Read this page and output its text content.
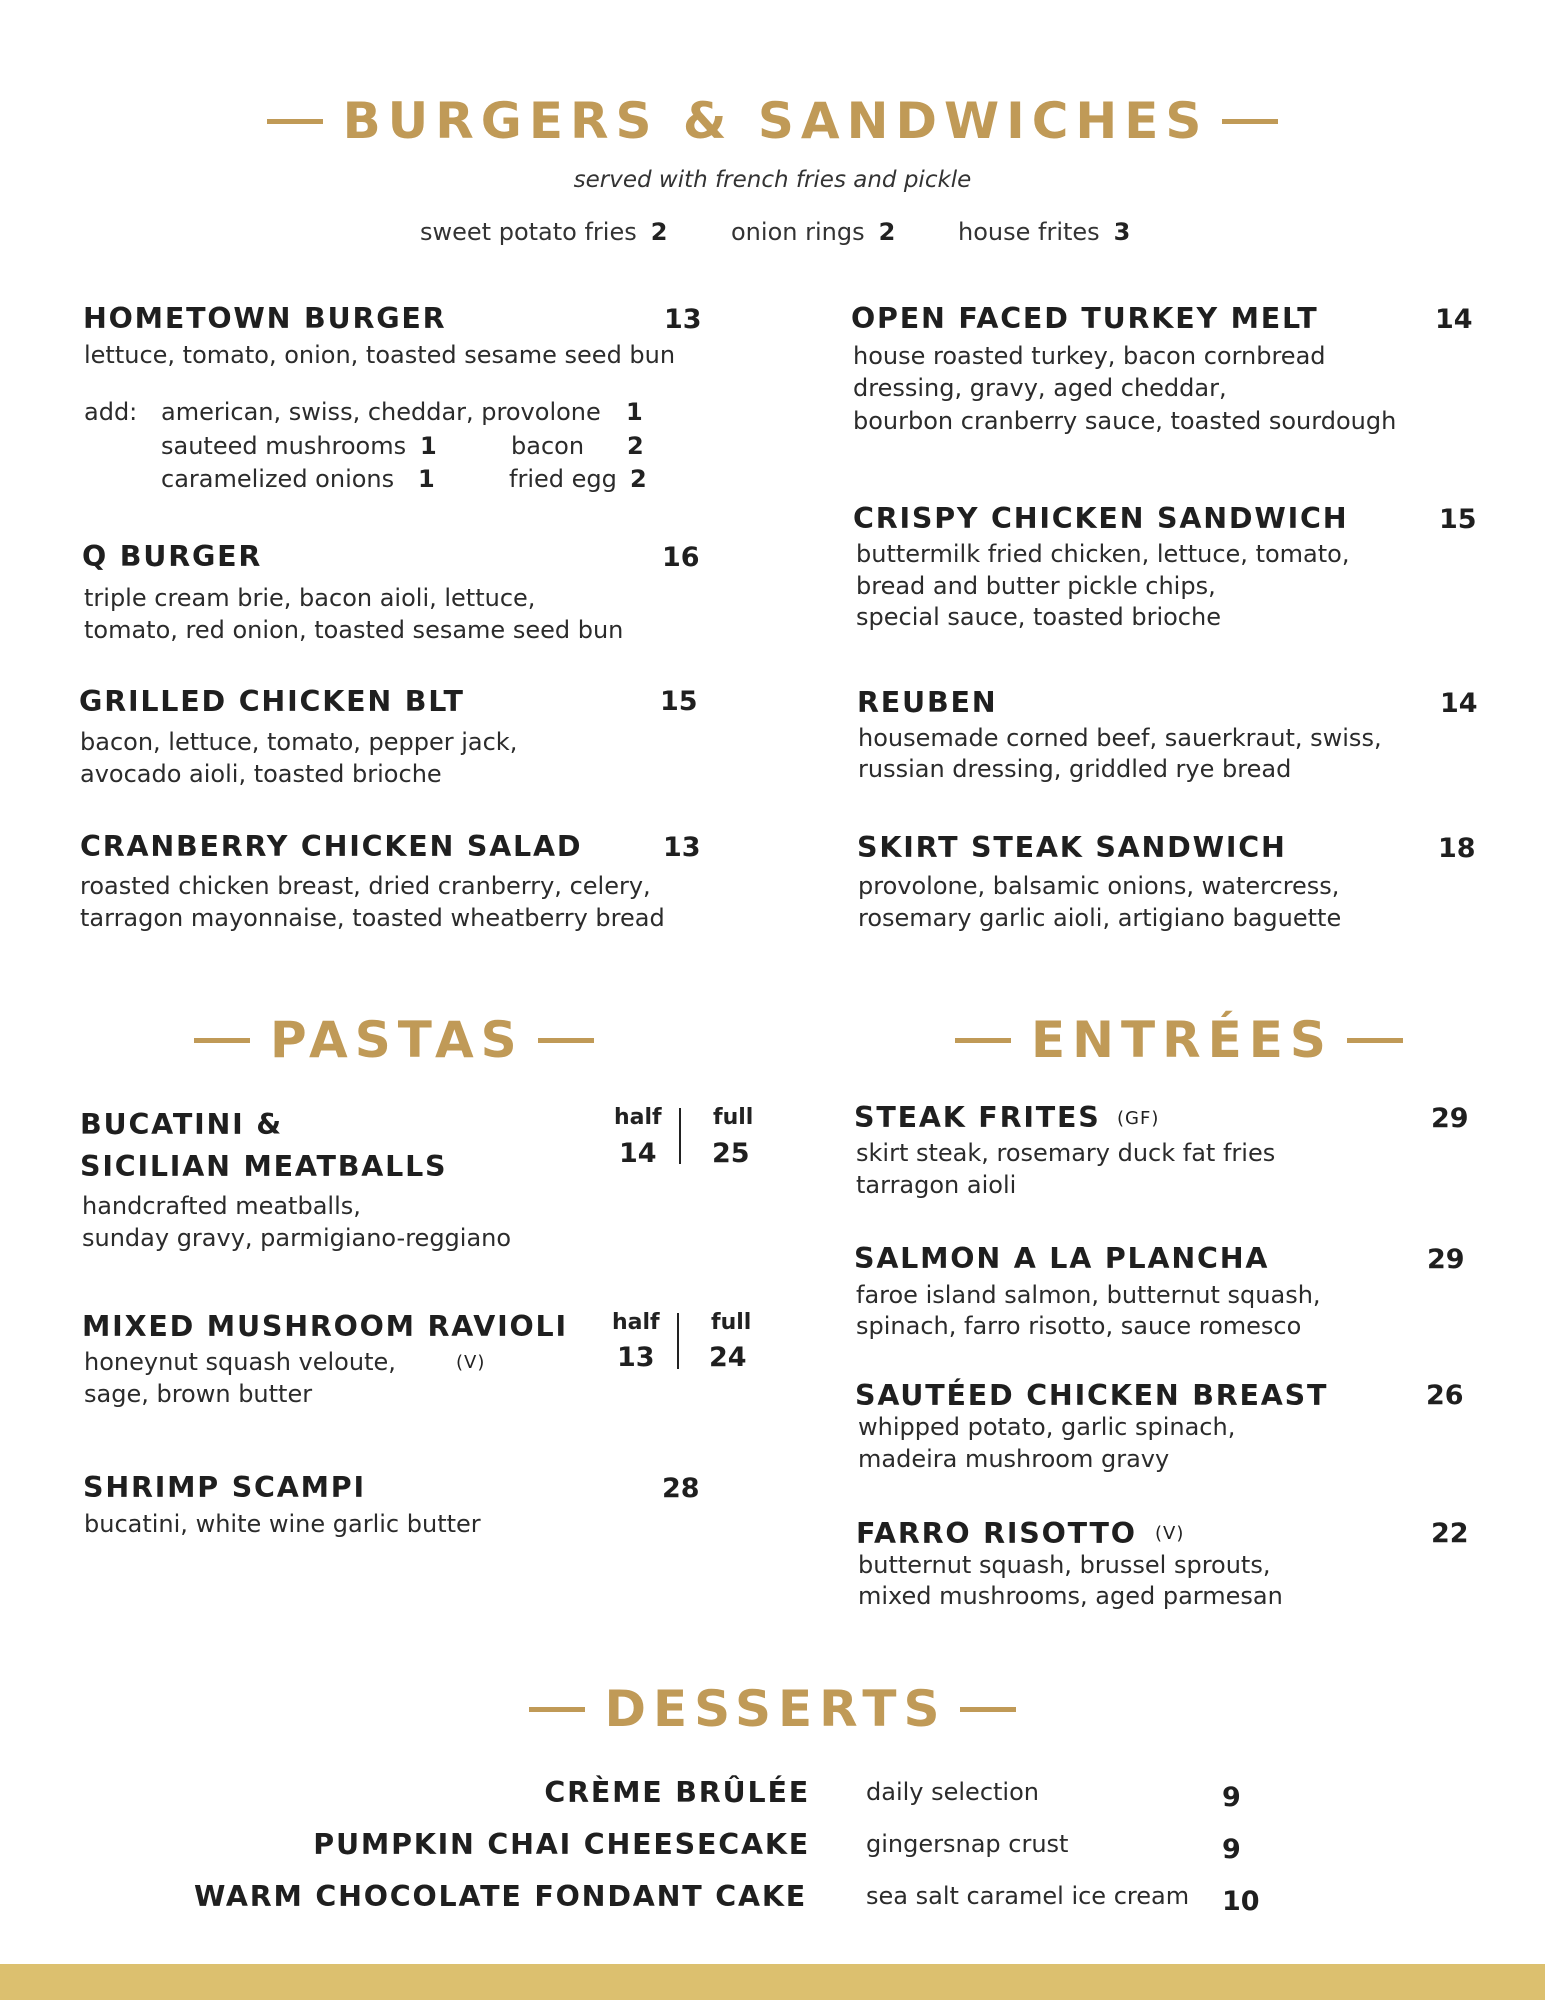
BURGERS & SANDWICHES
served with french fries and pickle
sweet potato fries 2	onion rings 2	house frites 3
HOMETOWN BURGER	13
lettuce, tomato, onion, toasted sesame seed bun
add: american, swiss, cheddar, provolone 1
sauteed mushrooms 1	bacon 2
caramelized onions 1	fried egg 2
Q BURGER	16
triple cream brie, bacon aioli, lettuce,
tomato, red onion, toasted sesame seed bun
GRILLED CHICKEN BLT	15
bacon, lettuce, tomato, pepper jack,
avocado aioli, toasted brioche
CRANBERRY CHICKEN SALAD	13
roasted chicken breast, dried cranberry, celery,
tarragon mayonnaise, toasted wheatberry bread
OPEN FACED TURKEY MELT	14
house roasted turkey, bacon cornbread
dressing, gravy, aged cheddar,
bourbon cranberry sauce, toasted sourdough
CRISPY CHICKEN SANDWICH	15
buttermilk fried chicken, lettuce, tomato,
bread and butter pickle chips,
special sauce, toasted brioche
REUBEN	14
housemade corned beef, sauerkraut, swiss,
russian dressing, griddled rye bread
SKIRT STEAK SANDWICH	18
provolone, balsamic onions, watercress,
rosemary garlic aioli, artigiano baguette
PASTAS
BUCATINI &
SICILIAN MEATBALLS
half full
14 25
handcrafted meatballs,
sunday gravy, parmigiano-reggiano
MIXED MUSHROOM RAVIOLI half full
13 24
honeynut squash veloute,	(V)
sage, brown butter
SHRIMP SCAMPI	28
bucatini, white wine garlic butter
ENTRÉES
STEAK FRITES (GF)	29
skirt steak, rosemary duck fat fries
tarragon aioli
SALMON A LA PLANCHA	29
faroe island salmon, butternut squash,
spinach, farro risotto, sauce romesco
SAUTÉED CHICKEN BREAST	26
whipped potato, garlic spinach,
madeira mushroom gravy
FARRO RISOTTO (V)	22
butternut squash, brussel sprouts,
mixed mushrooms, aged parmesan
DESSERTS
CRÈME BRÛLÉE daily selection	9
PUMPKIN CHAI CHEESECAKE gingersnap crust	9
WARM CHOCOLATE FONDANT CAKE sea salt caramel ice cream 10
